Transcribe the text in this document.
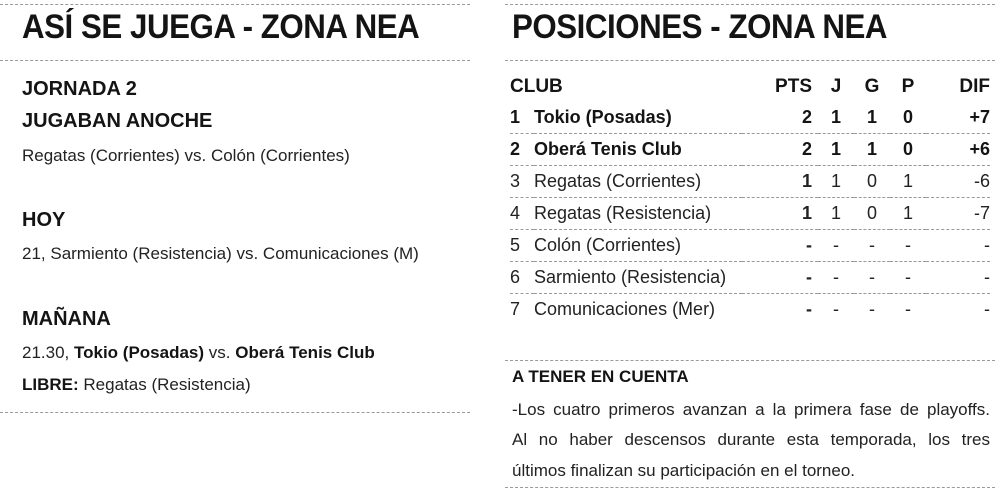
ASÍ SE JUEGA - ZONA NEA
JORNADA 2
JUGABAN ANOCHE
Regatas (Corrientes) vs. Colón (Corrientes)
HOY
21, Sarmiento (Resistencia) vs. Comunicaciones (M)
MAÑANA
21.30, Tokio (Posadas) vs. Oberá Tenis Club
LIBRE: Regatas (Resistencia)
POSICIONES - ZONA NEA
CLUB		PTS	J	G	P	DIF
1	Tokio (Posadas)	2	1	1	0	+7
2	Oberá Tenis Club	2	1	1	0	+6
3	Regatas (Corrientes)	1	1	0	1	-6
4	Regatas (Resistencia)	1	1	0	1	-7
5	Colón (Corrientes)	-	-	-	-	-
6	Sarmiento (Resistencia)	-	-	-	-	-
7	Comunicaciones (Mer)	-	-	-	-	-
A TENER EN CUENTA
-Los cuatro primeros avanzan a la primera fase de playoffs.
Al no haber descensos durante esta temporada, los tres
últimos finalizan su participación en el torneo.
